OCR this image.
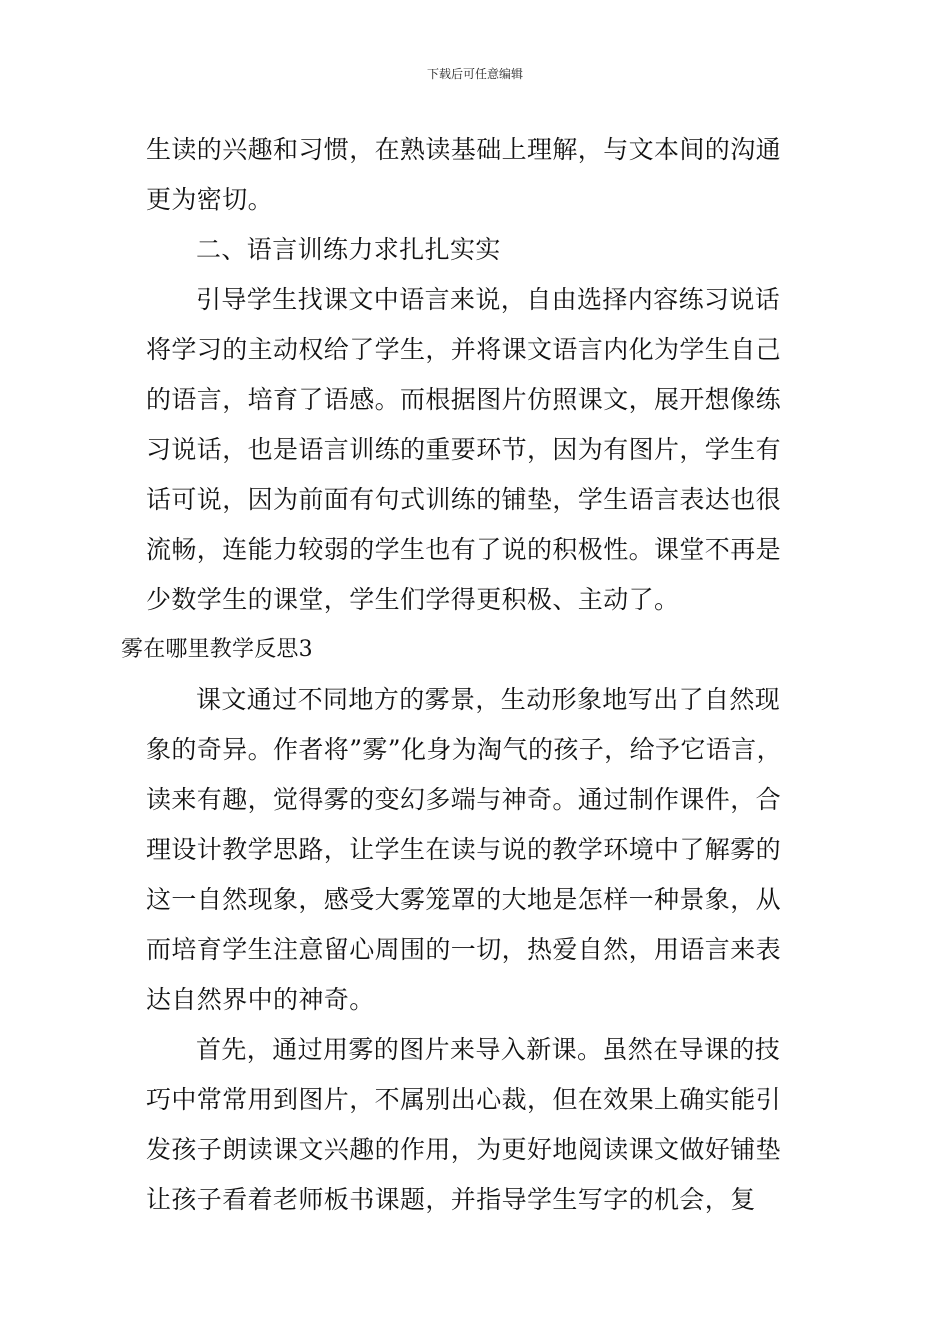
下载后可任意编辑
生读的兴趣和习惯，在熟读基础上理解，与文本间的沟通
更为密切。
二、语言训练力求扎扎实实
引导学生找课文中语言来说，自由选择内容练习说话
将学习的主动权给了学生，并将课文语言内化为学生自己
的语言，培育了语感。而根据图片仿照课文，展开想像练
习说话，也是语言训练的重要环节，因为有图片，学生有
话可说，因为前面有句式训练的铺垫，学生语言表达也很
流畅，连能力较弱的学生也有了说的积极性。课堂不再是
少数学生的课堂，学生们学得更积极、主动了。
雾在哪里教学反思3
课文通过不同地方的雾景，生动形象地写出了自然现
象的奇异。作者将”雾”化身为淘气的孩子，给予它语言，
读来有趣，觉得雾的变幻多端与神奇。通过制作课件，合
理设计教学思路，让学生在读与说的教学环境中了解雾的
这一自然现象，感受大雾笼罩的大地是怎样一种景象，从
而培育学生注意留心周围的一切，热爱自然，用语言来表
达自然界中的神奇。
首先，通过用雾的图片来导入新课。虽然在导课的技
巧中常常用到图片，不属别出心裁，但在效果上确实能引
发孩子朗读课文兴趣的作用，为更好地阅读课文做好铺垫
让孩子看着老师板书课题，并指导学生写字的机会，复
